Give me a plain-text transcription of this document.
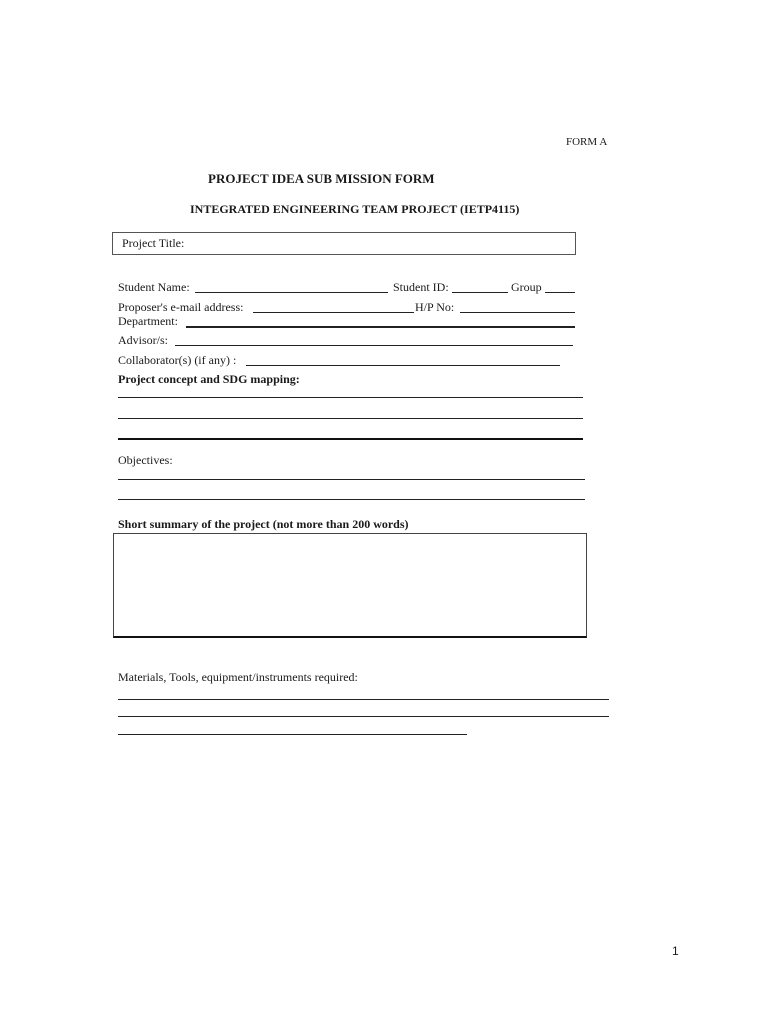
FORM A
PROJECT IDEA SUB MISSION FORM
INTEGRATED ENGINEERING TEAM PROJECT (IETP4115)
Project Title:
Student Name:	Student ID:	Group
Proposer's e-mail address:	H/P No:
Department:
Advisor/s:
Collaborator(s) (if any) :
Project concept and SDG mapping:
Objectives:
Short summary of the project (not more than 200 words)
Materials, Tools, equipment/instruments required:
1
